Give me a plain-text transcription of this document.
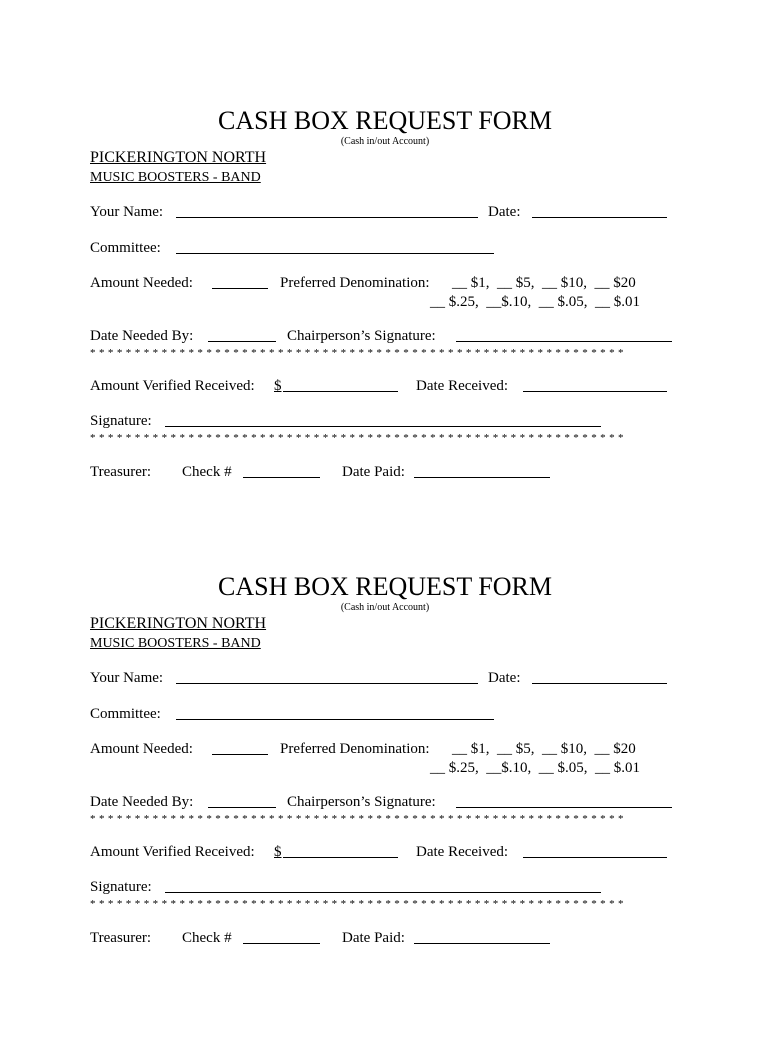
CASH BOX REQUEST FORM
(Cash in/out Account)
PICKERINGTON NORTH
MUSIC BOOSTERS - BAND
Your Name:	Date:
Committee:
Amount Needed:	Preferred Denomination: __ $1,  __ $5,  __ $10,  __ $20
__ $.25,  __$.10,  __ $.05,  __ $.01
Date Needed By:	Chairperson’s Signature:
************************************************************
Amount Verified Received: $	Date Received:
Signature:
************************************************************
Treasurer: Check #	Date Paid:
CASH BOX REQUEST FORM
(Cash in/out Account)
PICKERINGTON NORTH
MUSIC BOOSTERS - BAND
Your Name:	Date:
Committee:
Amount Needed:	Preferred Denomination: __ $1,  __ $5,  __ $10,  __ $20
__ $.25,  __$.10,  __ $.05,  __ $.01
Date Needed By:	Chairperson’s Signature:
************************************************************
Amount Verified Received: $	Date Received:
Signature:
************************************************************
Treasurer: Check #	Date Paid:
